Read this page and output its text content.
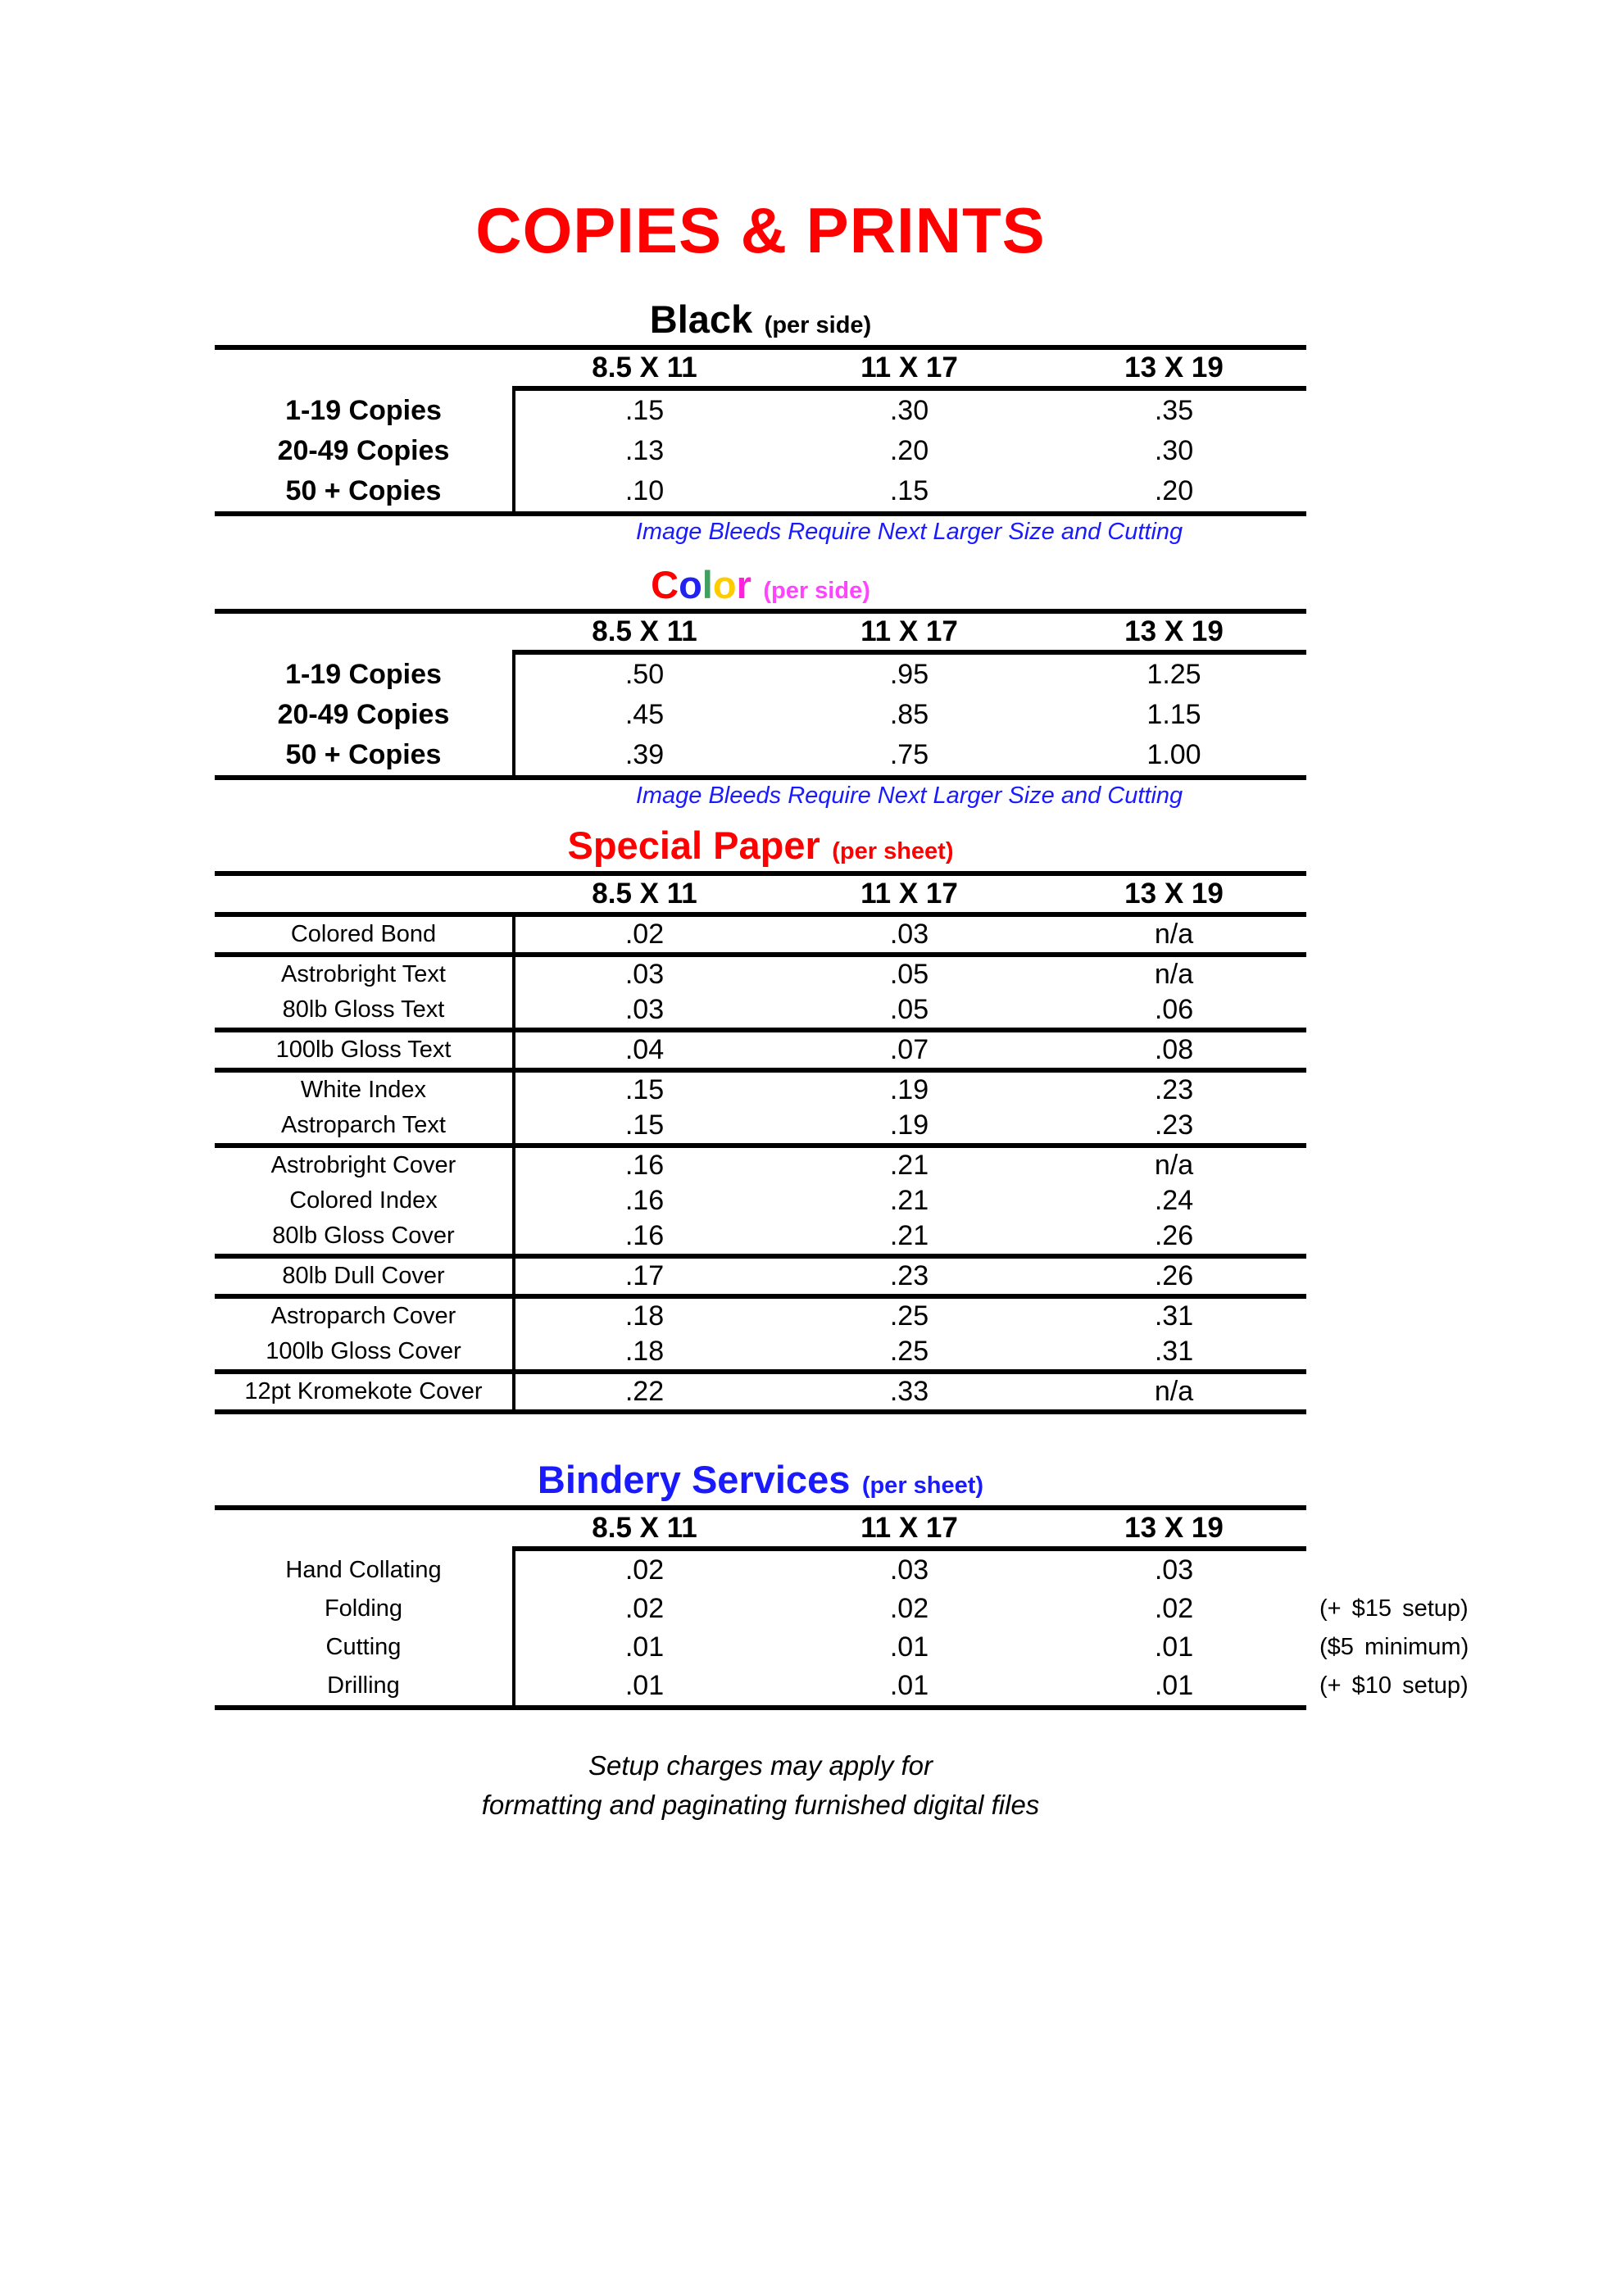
COPIES & PRINTS
Black (per side)
8.5 X 11	11 X 17	13 X 19
1-19 Copies	.15	.30	.35
20-49 Copies	.13	.20	.30
50 + Copies	.10	.15	.20
Image Bleeds Require Next Larger Size and Cutting
Color (per side)
8.5 X 11	11 X 17	13 X 19
1-19 Copies	.50	.95	1.25
20-49 Copies	.45	.85	1.15
50 + Copies	.39	.75	1.00
Image Bleeds Require Next Larger Size and Cutting
Special Paper (per sheet)
8.5 X 11	11 X 17	13 X 19
Colored Bond	.02	.03	n/a
Astrobright Text	.03	.05	n/a
80lb Gloss Text	.03	.05	.06
100lb Gloss Text	.04	.07	.08
White Index	.15	.19	.23
Astroparch Text	.15	.19	.23
Astrobright Cover	.16	.21	n/a
Colored Index	.16	.21	.24
80lb Gloss Cover	.16	.21	.26
80lb Dull Cover	.17	.23	.26
Astroparch Cover	.18	.25	.31
100lb Gloss Cover	.18	.25	.31
12pt Kromekote Cover	.22	.33	n/a
Bindery Services (per sheet)
8.5 X 11	11 X 17	13 X 19
Hand Collating	.02	.03	.03
Folding	.02	.02	.02	(+ $15 setup)
Cutting	.01	.01	.01	($5 minimum)
Drilling	.01	.01	.01	(+ $10 setup)
Setup charges may apply for
formatting and paginating furnished digital files
